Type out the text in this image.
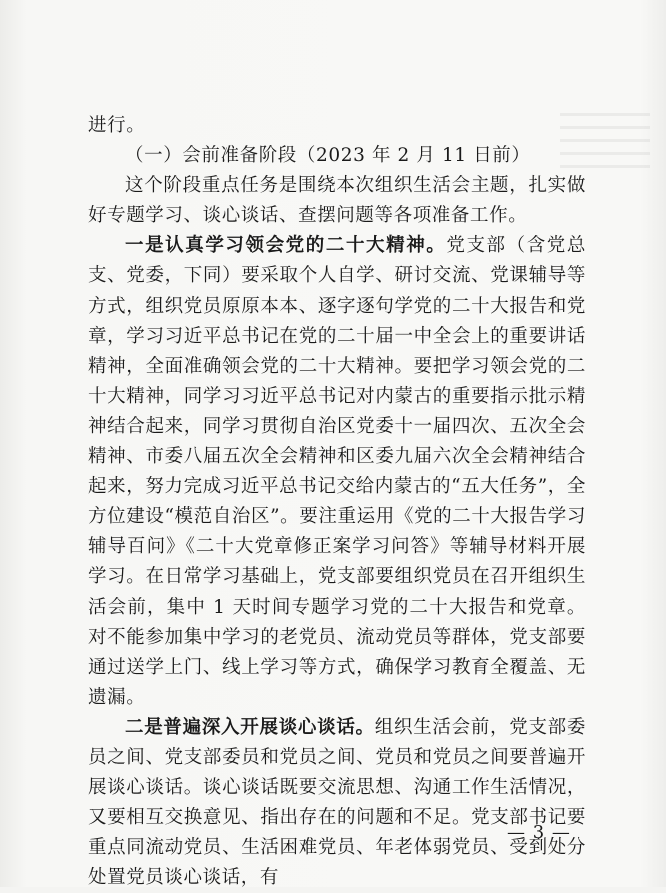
进行。

（一）会前准备阶段（2023 年 2 月 11 日前）

这个阶段重点任务是围绕本次组织生活会主题，扎实做好专题学习、谈心谈话、查摆问题等各项准备工作。

一是认真学习领会党的二十大精神。党支部（含党总支、党委，下同）要采取个人自学、研讨交流、党课辅导等方式，组织党员原原本本、逐字逐句学党的二十大报告和党章，学习习近平总书记在党的二十届一中全会上的重要讲话精神，全面准确领会党的二十大精神。要把学习领会党的二十大精神，同学习习近平总书记对内蒙古的重要指示批示精神结合起来，同学习贯彻自治区党委十一届四次、五次全会精神、市委八届五次全会精神和区委九届六次全会精神结合起来，努力完成习近平总书记交给内蒙古的“五大任务”，全方位建设“模范自治区”。要注重运用《党的二十大报告学习辅导百问》《二十大党章修正案学习问答》等辅导材料开展学习。在日常学习基础上，党支部要组织党员在召开组织生活会前，集中 1 天时间专题学习党的二十大报告和党章。对不能参加集中学习的老党员、流动党员等群体，党支部要通过送学上门、线上学习等方式，确保学习教育全覆盖、无遗漏。

二是普遍深入开展谈心谈话。组织生活会前，党支部委员之间、党支部委员和党员之间、党员和党员之间要普遍开展谈心谈话。谈心谈话既要交流思想、沟通工作生活情况，又要相互交换意见、指出存在的问题和不足。党支部书记要重点同流动党员、生活困难党员、年老体弱党员、受到处分处置党员谈心谈话，有

— 3 —
